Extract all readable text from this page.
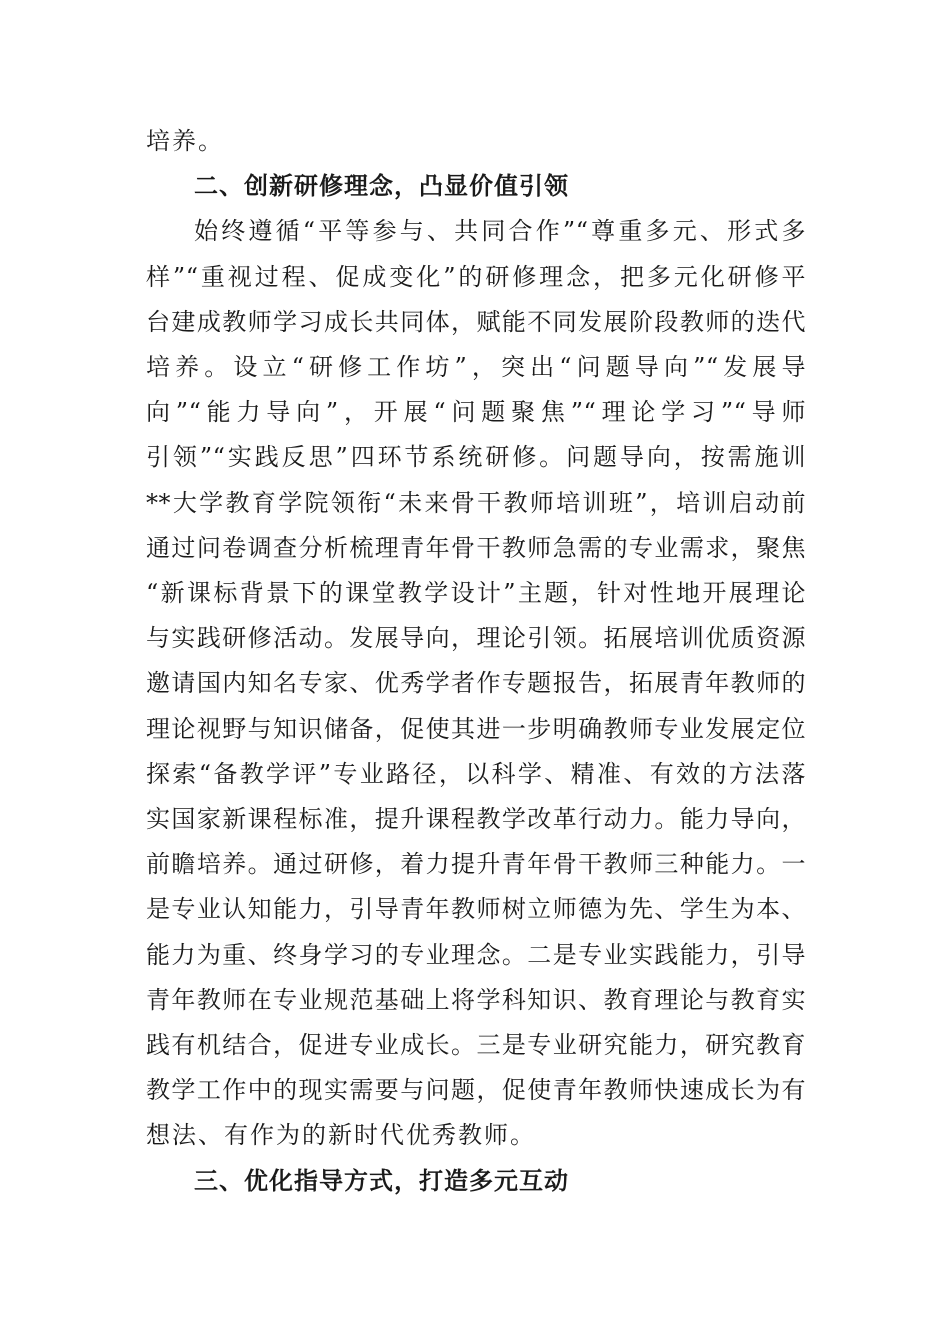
培养。
二、创新研修理念，凸显价值引领
始终遵循“平等参与、共同合作”“尊重多元、形式多
样”“重视过程、促成变化”的研修理念，把多元化研修平
台建成教师学习成长共同体，赋能不同发展阶段教师的迭代
培养。设立“研修工作坊”，突出“问题导向”“发展导
向”“能力导向”，开展“问题聚焦”“理论学习”“导师
引领”“实践反思”四环节系统研修。问题导向，按需施训
**大学教育学院领衔“未来骨干教师培训班”，培训启动前
通过问卷调查分析梳理青年骨干教师急需的专业需求，聚焦
“新课标背景下的课堂教学设计”主题，针对性地开展理论
与实践研修活动。发展导向，理论引领。拓展培训优质资源
邀请国内知名专家、优秀学者作专题报告，拓展青年教师的
理论视野与知识储备，促使其进一步明确教师专业发展定位
探索“备教学评”专业路径，以科学、精准、有效的方法落
实国家新课程标准，提升课程教学改革行动力。能力导向，
前瞻培养。通过研修，着力提升青年骨干教师三种能力。一
是专业认知能力，引导青年教师树立师德为先、学生为本、
能力为重、终身学习的专业理念。二是专业实践能力，引导
青年教师在专业规范基础上将学科知识、教育理论与教育实
践有机结合，促进专业成长。三是专业研究能力，研究教育
教学工作中的现实需要与问题，促使青年教师快速成长为有
想法、有作为的新时代优秀教师。
三、优化指导方式，打造多元互动
